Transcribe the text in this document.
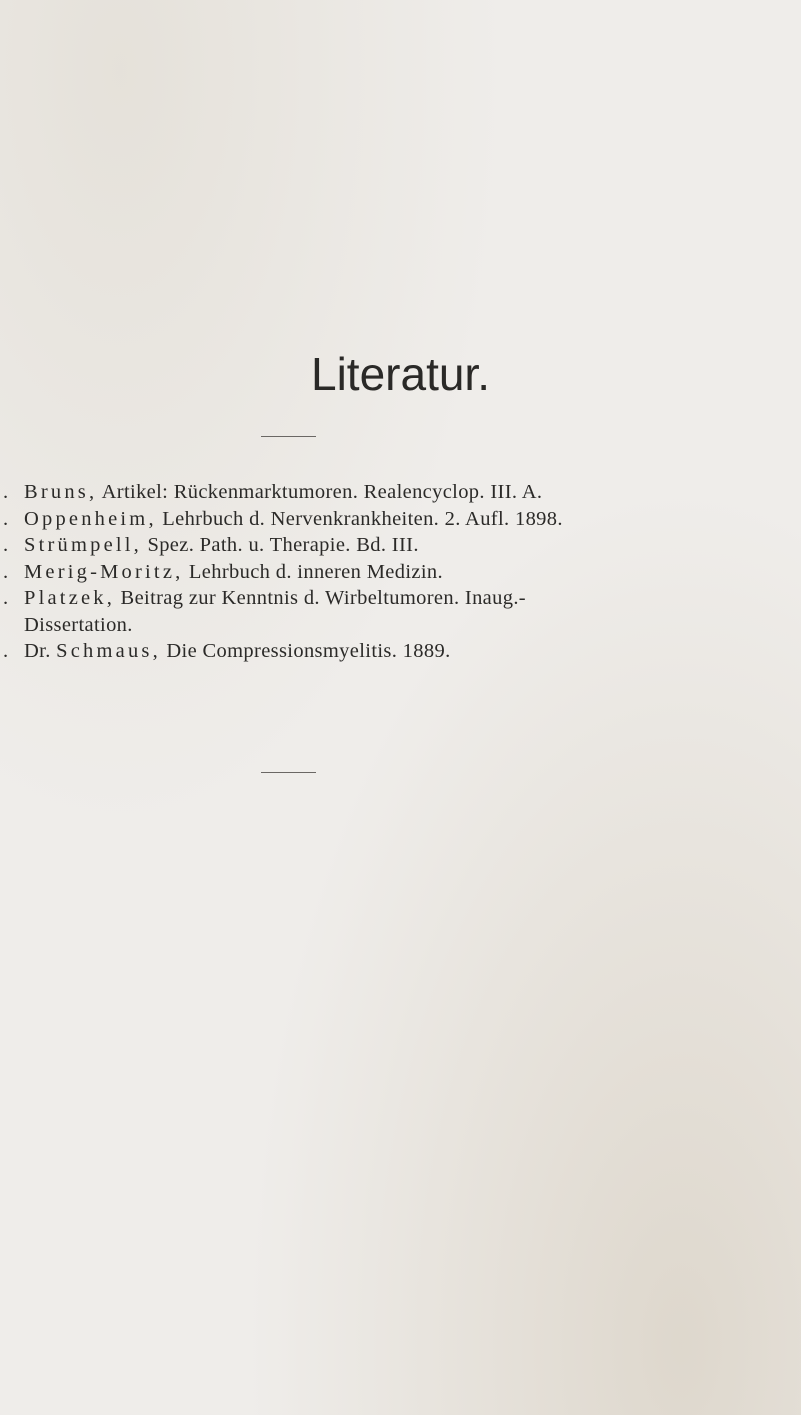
Literatur.
. Bruns, Artikel: Rückenmarktumoren. Realencyclop. III. A.
. Oppenheim, Lehrbuch d. Nervenkrankheiten. 2. Aufl. 1898.
. Strümpell, Spez. Path. u. Therapie. Bd. III.
. Merig-Moritz, Lehrbuch d. inneren Medizin.
. Platzek, Beitrag zur Kenntnis d. Wirbeltumoren. Inaug.-
Dissertation.
. Dr. Schmaus, Die Compressionsmyelitis. 1889.
